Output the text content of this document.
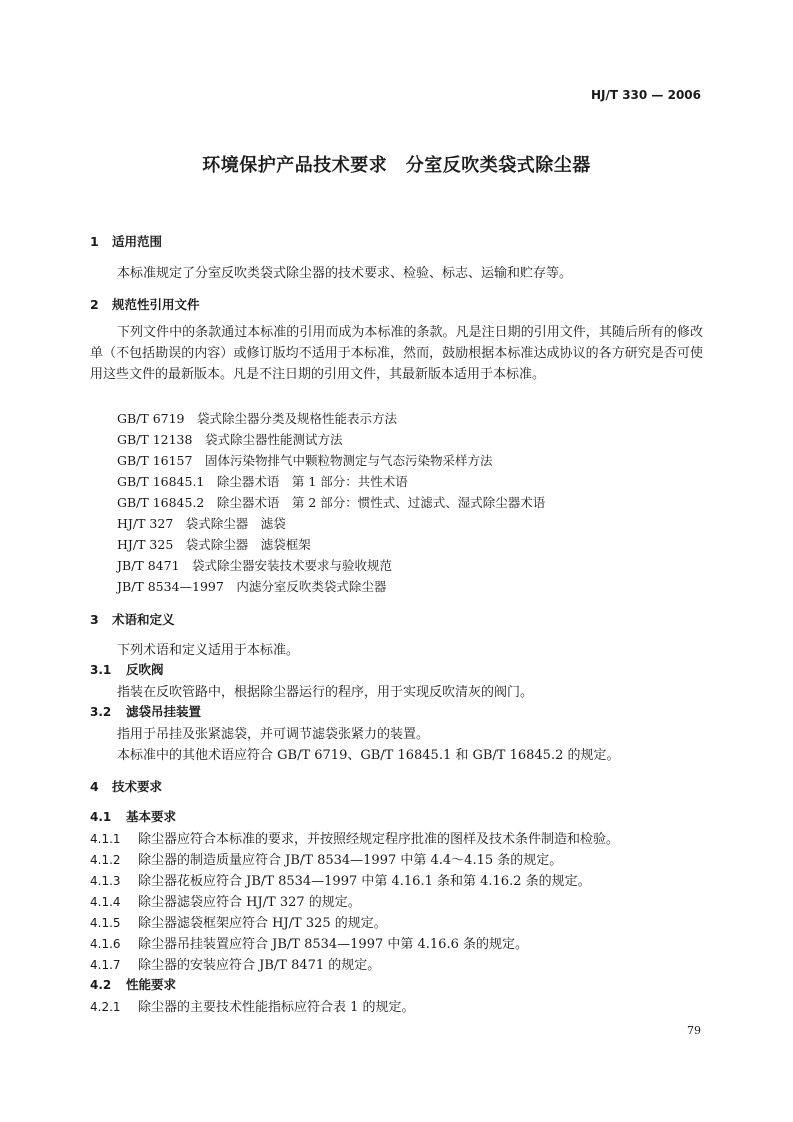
HJ/T 330 — 2006
环境保护产品技术要求　分室反吹类袋式除尘器
1 适用范围
本标准规定了分室反吹类袋式除尘器的技术要求、检验、标志、运输和贮存等。
2 规范性引用文件
下列文件中的条款通过本标准的引用而成为本标准的条款。凡是注日期的引用文件，其随后所有的修改单（不包括勘误的内容）或修订版均不适用于本标准，然而，鼓励根据本标准达成协议的各方研究是否可使用这些文件的最新版本。凡是不注日期的引用文件，其最新版本适用于本标准。
GB/T 6719　袋式除尘器分类及规格性能表示方法
GB/T 12138　袋式除尘器性能测试方法
GB/T 16157　固体污染物排气中颗粒物测定与气态污染物采样方法
GB/T 16845.1　除尘器术语　第 1 部分：共性术语
GB/T 16845.2　除尘器术语　第 2 部分：惯性式、过滤式、湿式除尘器术语
HJ/T 327　袋式除尘器　滤袋
HJ/T 325　袋式除尘器　滤袋框架
JB/T 8471　袋式除尘器安装技术要求与验收规范
JB/T 8534—1997　内滤分室反吹类袋式除尘器
3 术语和定义
下列术语和定义适用于本标准。
3.1 反吹阀
指装在反吹管路中，根据除尘器运行的程序，用于实现反吹清灰的阀门。
3.2 滤袋吊挂装置
指用于吊挂及张紧滤袋，并可调节滤袋张紧力的装置。
本标准中的其他术语应符合 GB/T 6719、GB/T 16845.1 和 GB/T 16845.2 的规定。
4 技术要求
4.1 基本要求
4.1.1 除尘器应符合本标准的要求，并按照经规定程序批准的图样及技术条件制造和检验。
4.1.2 除尘器的制造质量应符合 JB/T 8534—1997 中第 4.4～4.15 条的规定。
4.1.3 除尘器花板应符合 JB/T 8534—1997 中第 4.16.1 条和第 4.16.2 条的规定。
4.1.4 除尘器滤袋应符合 HJ/T 327 的规定。
4.1.5 除尘器滤袋框架应符合 HJ/T 325 的规定。
4.1.6 除尘器吊挂装置应符合 JB/T 8534—1997 中第 4.16.6 条的规定。
4.1.7 除尘器的安装应符合 JB/T 8471 的规定。
4.2 性能要求
4.2.1 除尘器的主要技术性能指标应符合表 1 的规定。
79
